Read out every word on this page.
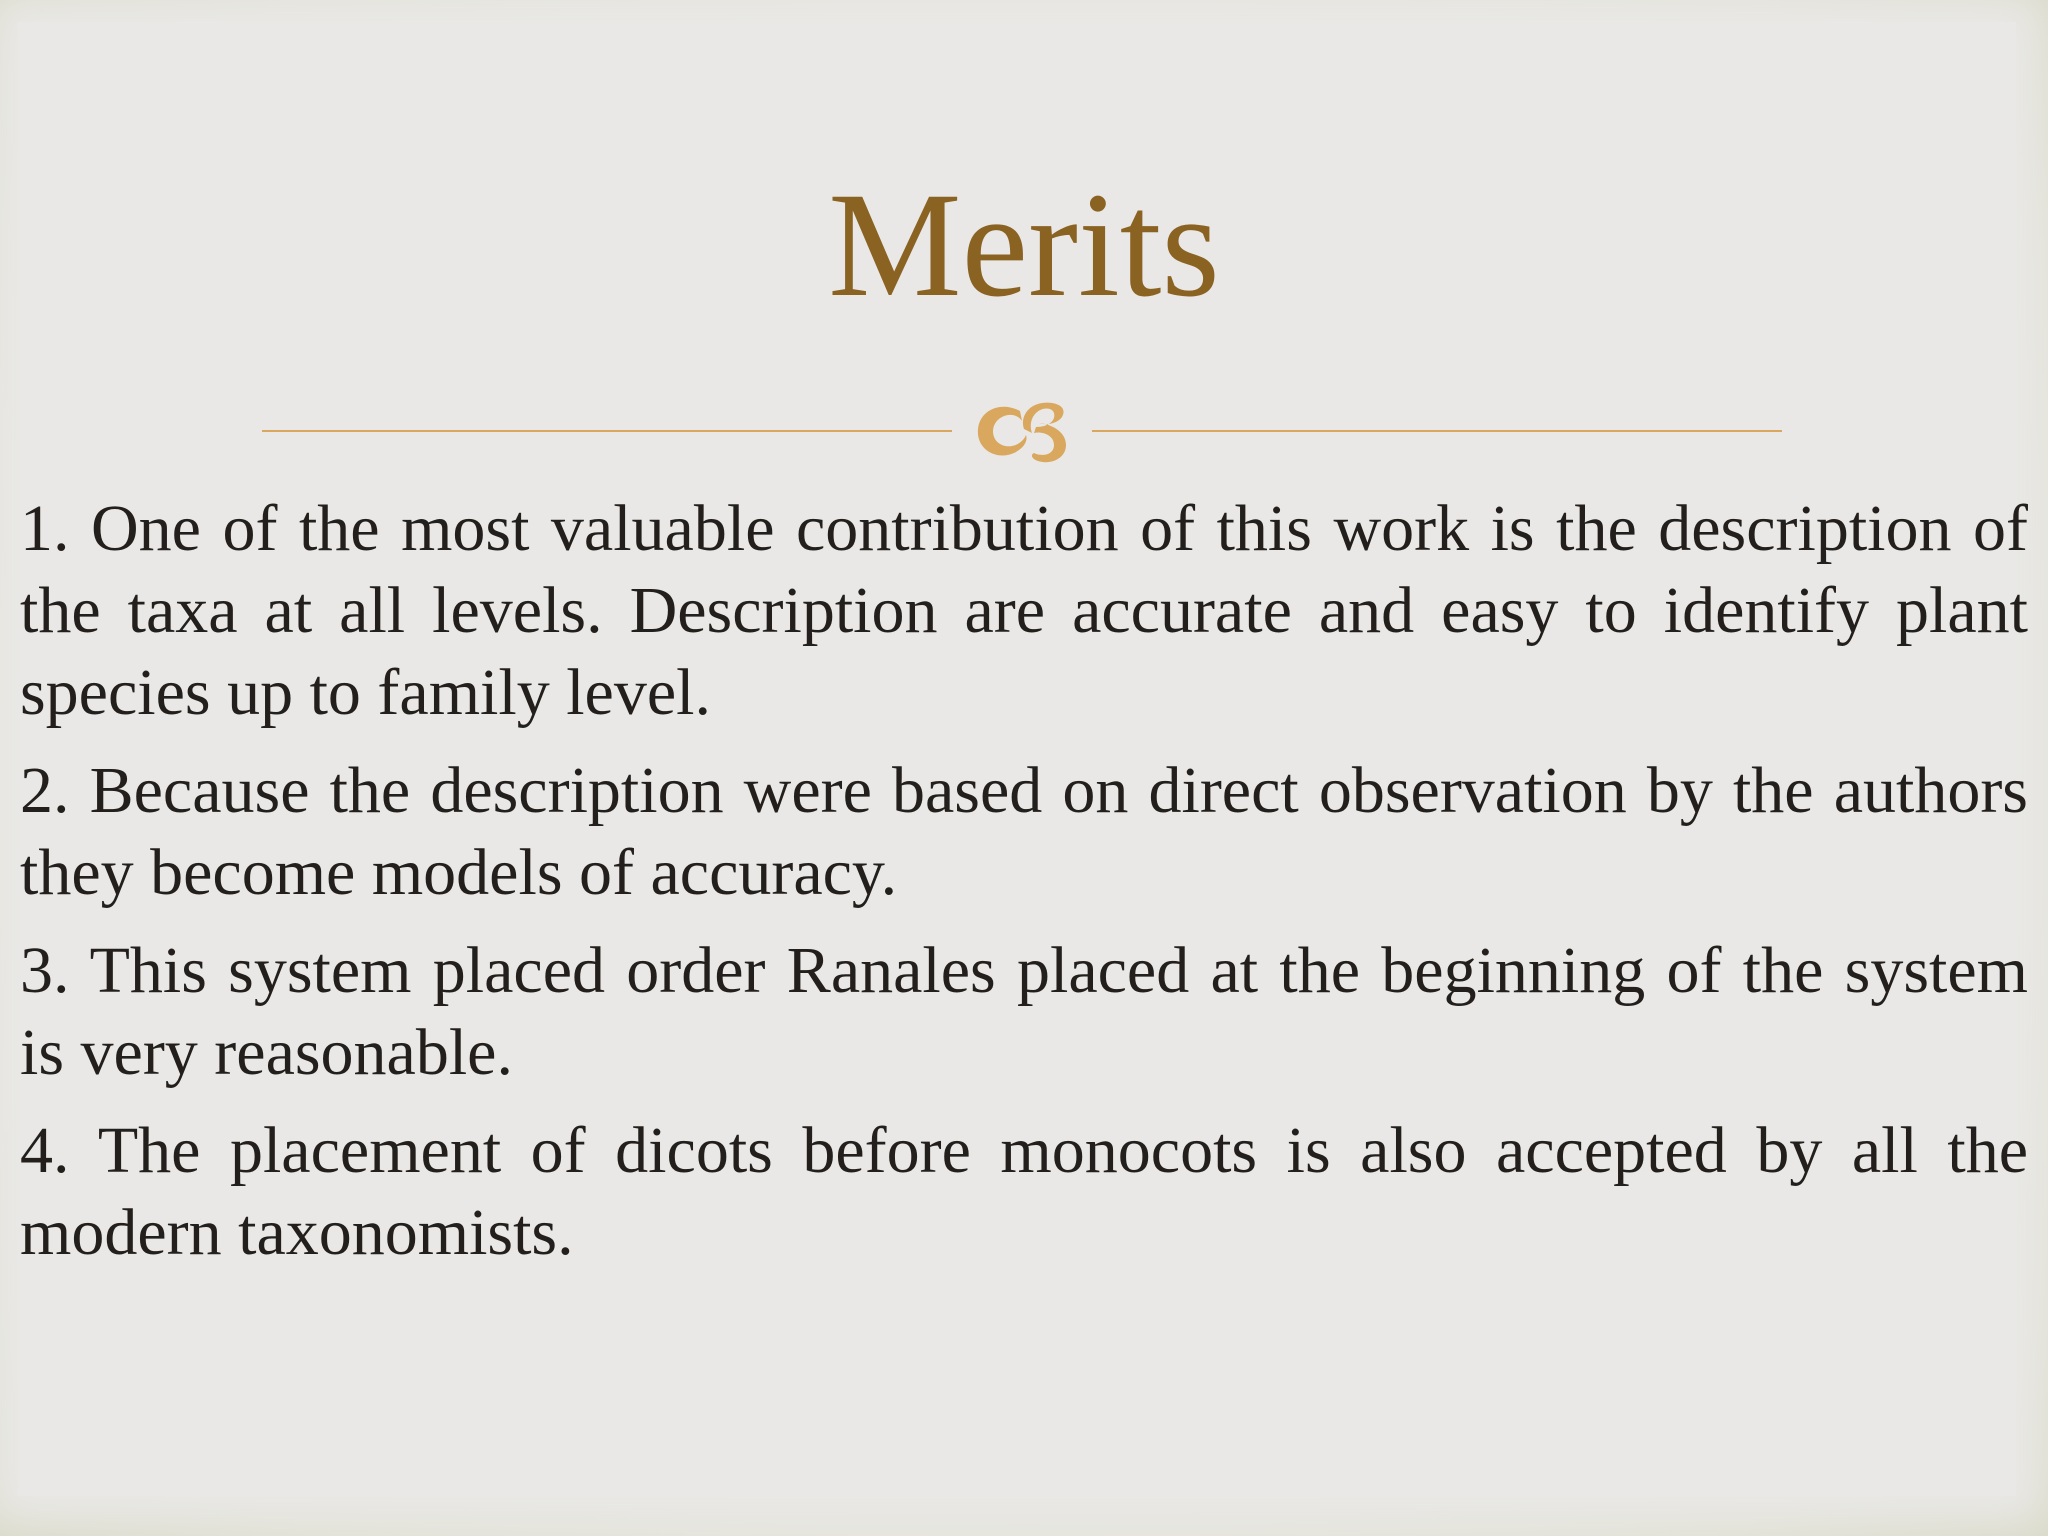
Merits

1. One of the most valuable contribution of this work is the description of the taxa at all levels. Description are accurate and easy to identify plant species up to family level.

2. Because the description were based on direct observation by the authors they become models of accuracy.

3. This system placed order Ranales placed at the beginning of the system is very reasonable.

4. The placement of dicots before monocots is also accepted by all the modern taxonomists.
